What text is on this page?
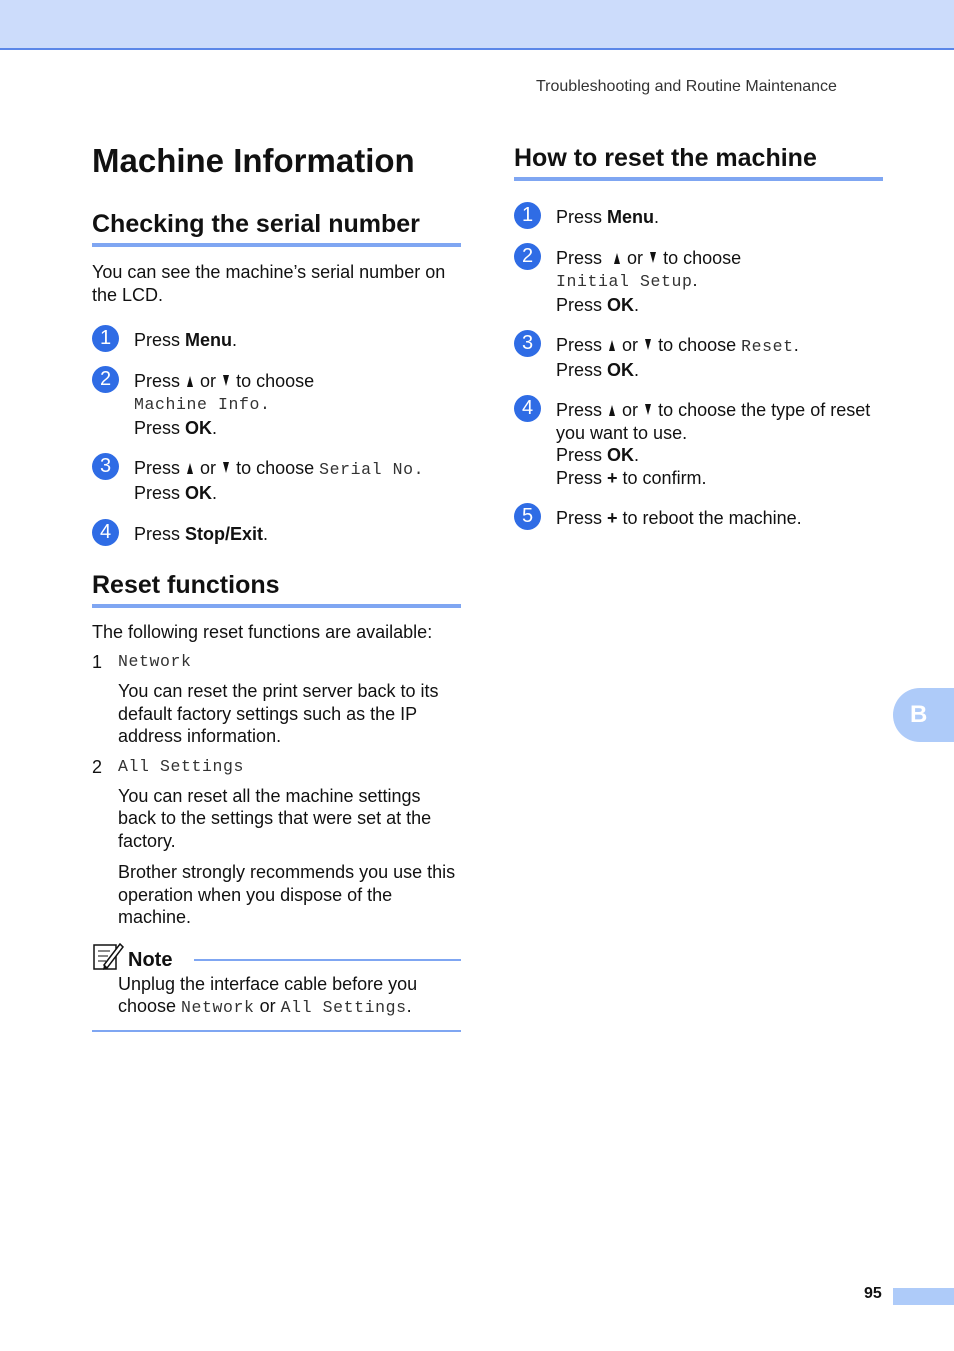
Troubleshooting and Routine Maintenance
Machine Information
Checking the serial number

You can see the machine’s serial number on the LCD.

1	Press Menu.
2	Press or to choose
Machine Info.
Press OK.
3	Press or to choose Serial No.
Press OK.
4	Press Stop/Exit.
Reset functions

The following reset functions are available:

1 Network

You can reset the print server back to its default factory settings such as the IP address information.

2 All Settings

You can reset all the machine settings back to the settings that were set at the factory.

Brother strongly recommends you use this operation when you dispose of the machine.

Note

Unplug the interface cable before you choose Network or All Settings.

How to reset the machine
1	Press Menu.
2	Press or to choose
Initial Setup.
Press OK.
3	Press or to choose Reset.
Press OK.
4	Press or to choose the type of reset you want to use.
Press OK.
Press + to confirm.
5	Press + to reboot the machine.
B
95
